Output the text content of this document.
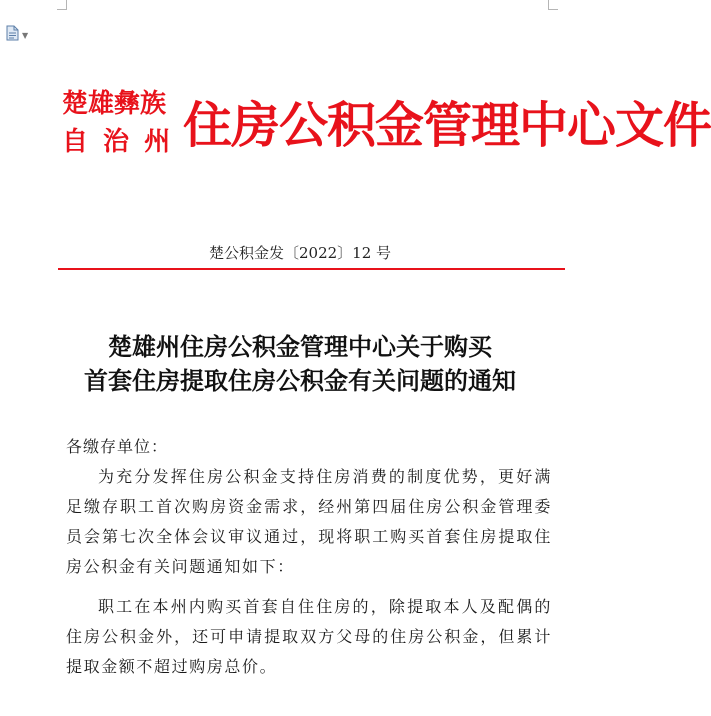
▼
楚雄彝族
自 治 州 住房公积金管理中心文件
楚公积金发〔2022〕12 号
楚雄州住房公积金管理中心关于购买
首套住房提取住房公积金有关问题的通知

各缴存单位：

为充分发挥住房公积金支持住房消费的制度优势，更好满足缴存职工首次购房资金需求，经州第四届住房公积金管理委员会第七次全体会议审议通过，现将职工购买首套住房提取住房公积金有关问题通知如下：

职工在本州内购买首套自住住房的，除提取本人及配偶的住房公积金外，还可申请提取双方父母的住房公积金，但累计提取金额不超过购房总价。
